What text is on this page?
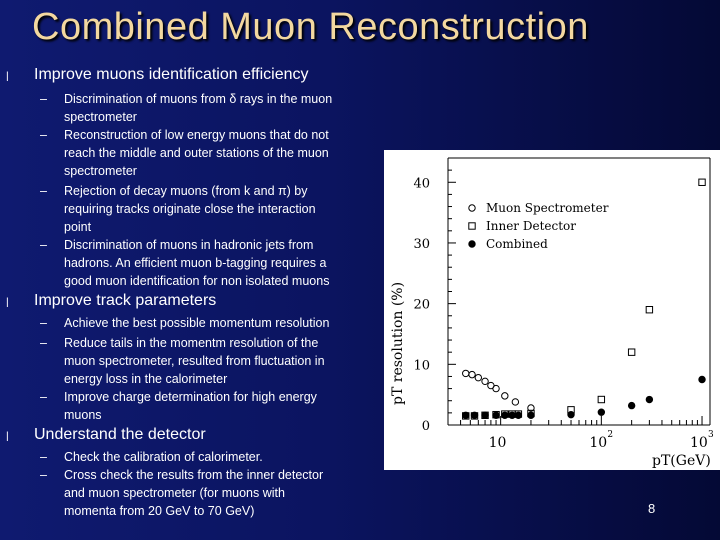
Combined Muon Reconstruction
l Improve muons identification efficiency
– Discrimination of muons from δ rays in the muon
spectrometer
– Reconstruction of low energy muons that do not
reach the middle and outer stations of the muon
spectrometer
– Rejection of decay muons (from k and π) by
requiring tracks originate close the interaction
point
– Discrimination of muons in hadronic jets from
hadrons. An efficient muon b-tagging requires a
good muon identification for non isolated muons
l Improve track parameters
– Achieve the best possible momentum resolution
– Reduce tails in the momentm resolution of the
muon spectrometer, resulted from fluctuation in
energy loss in the calorimeter
– Improve charge determination for high energy
muons
l Understand the detector
– Check the calibration of calorimeter.
– Cross check the results from the inner detector
and muon spectrometer (for muons with
momenta from 20 GeV to 70 GeV)
0
10
20
30
40
10	10 2	10 3
pT(GeV)
pT resolution (%)
Muon Spectrometer
Inner Detector
Combined
8
